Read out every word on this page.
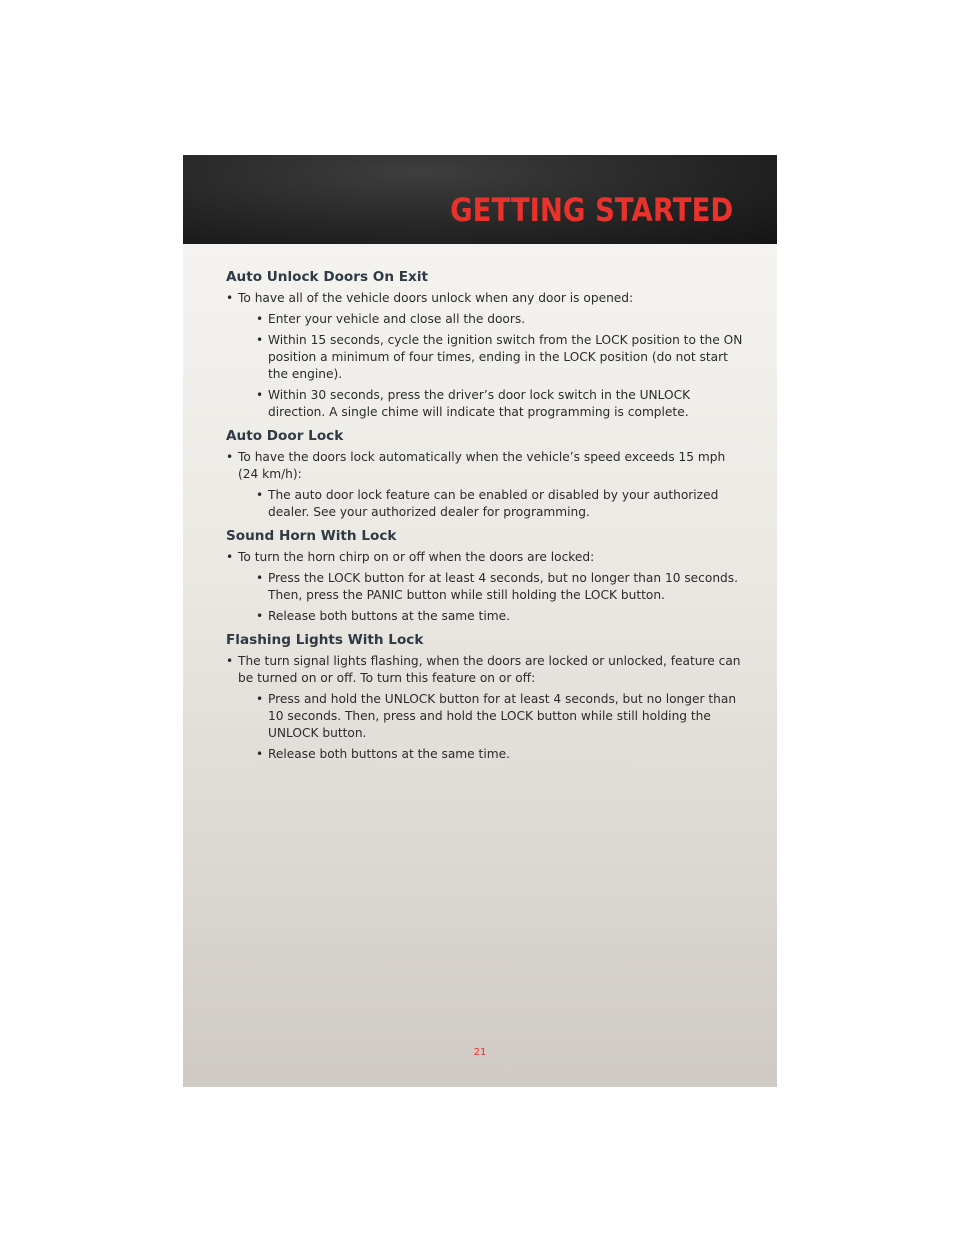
GETTING STARTED
Auto Unlock Doors On Exit
• To have all of the vehicle doors unlock when any door is opened:
• Enter your vehicle and close all the doors.
• Within 15 seconds, cycle the ignition switch from the LOCK position to the ON position a minimum of four times, ending in the LOCK position (do not start the engine).
• Within 30 seconds, press the driver’s door lock switch in the UNLOCK direction. A single chime will indicate that programming is complete.
Auto Door Lock
• To have the doors lock automatically when the vehicle’s speed exceeds 15 mph (24 km/h):
• The auto door lock feature can be enabled or disabled by your authorized dealer. See your authorized dealer for programming.
Sound Horn With Lock
• To turn the horn chirp on or off when the doors are locked:
• Press the LOCK button for at least 4 seconds, but no longer than 10 seconds. Then, press the PANIC button while still holding the LOCK button.
• Release both buttons at the same time.
Flashing Lights With Lock
• The turn signal lights flashing, when the doors are locked or unlocked, feature can be turned on or off. To turn this feature on or off:
• Press and hold the UNLOCK button for at least 4 seconds, but no longer than 10 seconds. Then, press and hold the LOCK button while still holding the UNLOCK button.
• Release both buttons at the same time.
21
